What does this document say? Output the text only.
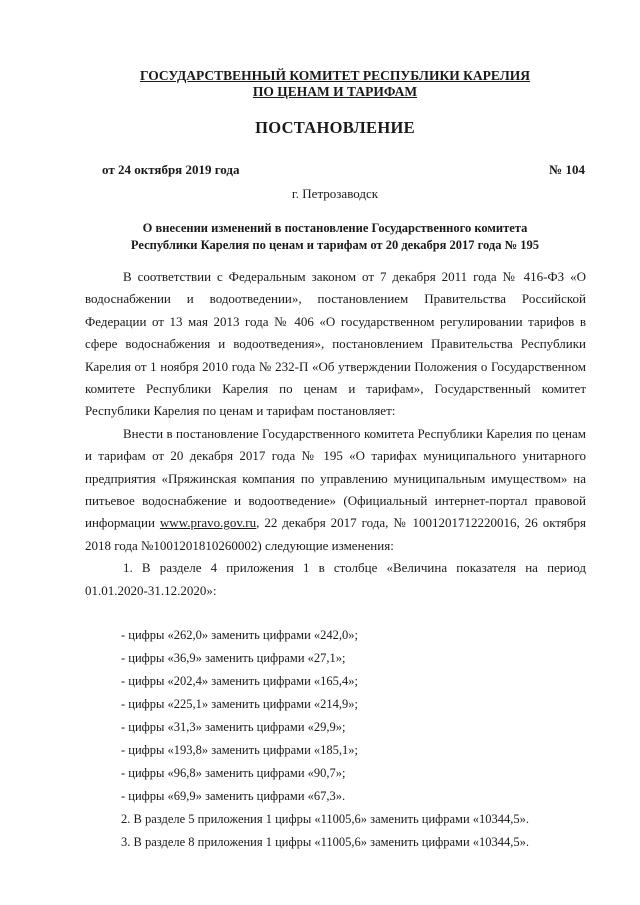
ГОСУДАРСТВЕННЫЙ КОМИТЕТ РЕСПУБЛИКИ КАРЕЛИЯ
ПО ЦЕНАМ И ТАРИФАМ
ПОСТАНОВЛЕНИЕ
от 24 октября 2019 года	№ 104
г. Петрозаводск
О внесении изменений в постановление Государственного комитета
Республики Карелия по ценам и тарифам от 20 декабря 2017 года № 195

В соответствии с Федеральным законом от 7 декабря 2011 года № 416-ФЗ «О водоснабжении и водоотведении», постановлением Правительства Российской Федерации от 13 мая 2013 года № 406 «О государственном регулировании тарифов в сфере водоснабжения и водоотведения», постановлением Правительства Республики Карелия от 1 ноября 2010 года № 232-П «Об утверждении Положения о Государственном комитете Республики Карелия по ценам и тарифам», Государственный комитет Республики Карелия по ценам и тарифам постановляет:

Внести в постановление Государственного комитета Республики Карелия по ценам и тарифам от 20 декабря 2017 года № 195 «О тарифах муниципального унитарного предприятия «Пряжинская компания по управлению муниципальным имуществом» на питьевое водоснабжение и водоотведение» (Официальный интернет-портал правовой информации www.pravo.gov.ru, 22 декабря 2017 года, № 1001201712220016, 26 октября 2018 года №1001201810260002) следующие изменения:

1. В разделе 4 приложения 1 в столбце «Величина показателя на период 01.01.2020-31.12.2020»:

- цифры «262,0» заменить цифрами «242,0»;
- цифры «36,9» заменить цифрами «27,1»;
- цифры «202,4» заменить цифрами «165,4»;
- цифры «225,1» заменить цифрами «214,9»;
- цифры «31,3» заменить цифрами «29,9»;
- цифры «193,8» заменить цифрами «185,1»;
- цифры «96,8» заменить цифрами «90,7»;
- цифры «69,9» заменить цифрами «67,3».
2. В разделе 5 приложения 1 цифры «11005,6» заменить цифрами «10344,5».
3. В разделе 8 приложения 1 цифры «11005,6» заменить цифрами «10344,5».
